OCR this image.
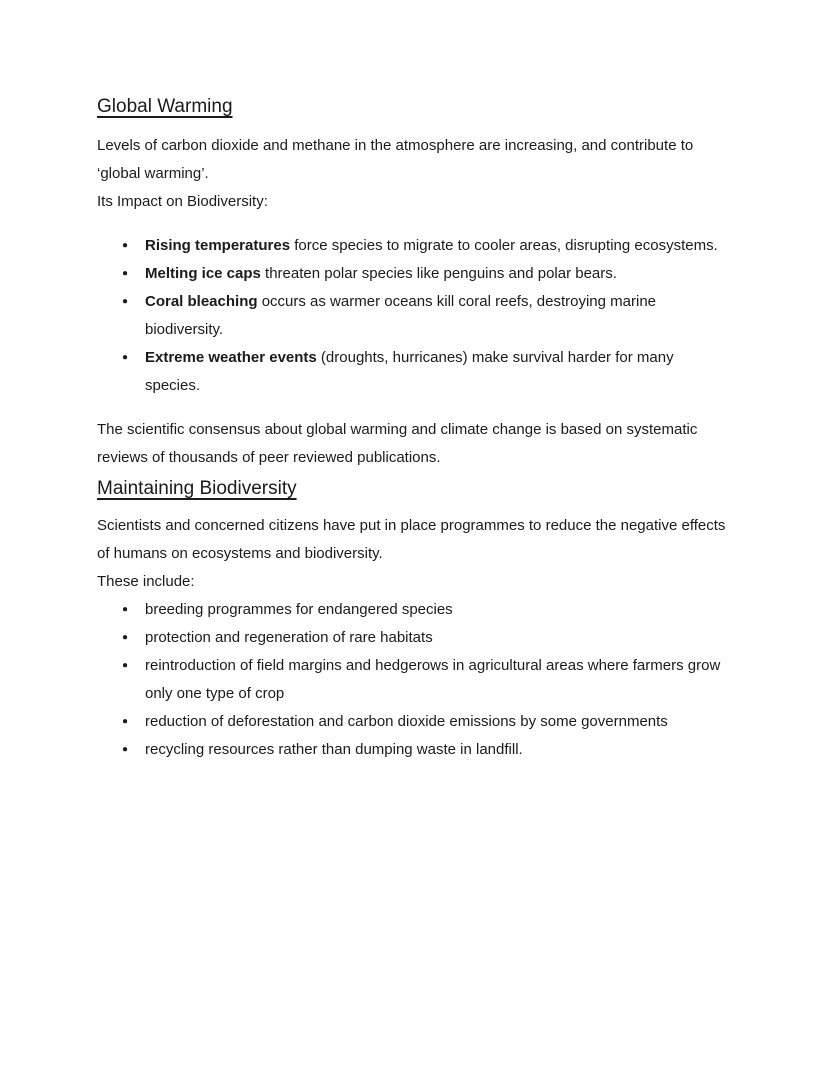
Global Warming

Levels of carbon dioxide and methane in the atmosphere are increasing, and contribute to ‘global warming’.

Its Impact on Biodiversity:

● Rising temperatures force species to migrate to cooler areas, disrupting ecosystems.
● Melting ice caps threaten polar species like penguins and polar bears.
● Coral bleaching occurs as warmer oceans kill coral reefs, destroying marine biodiversity.
● Extreme weather events (droughts, hurricanes) make survival harder for many species.

The scientific consensus about global warming and climate change is based on systematic reviews of thousands of peer reviewed publications.

Maintaining Biodiversity

Scientists and concerned citizens have put in place programmes to reduce the negative effects of humans on ecosystems and biodiversity.

These include:

● breeding programmes for endangered species
● protection and regeneration of rare habitats
● reintroduction of field margins and hedgerows in agricultural areas where farmers grow only one type of crop
● reduction of deforestation and carbon dioxide emissions by some governments
● recycling resources rather than dumping waste in landfill.
